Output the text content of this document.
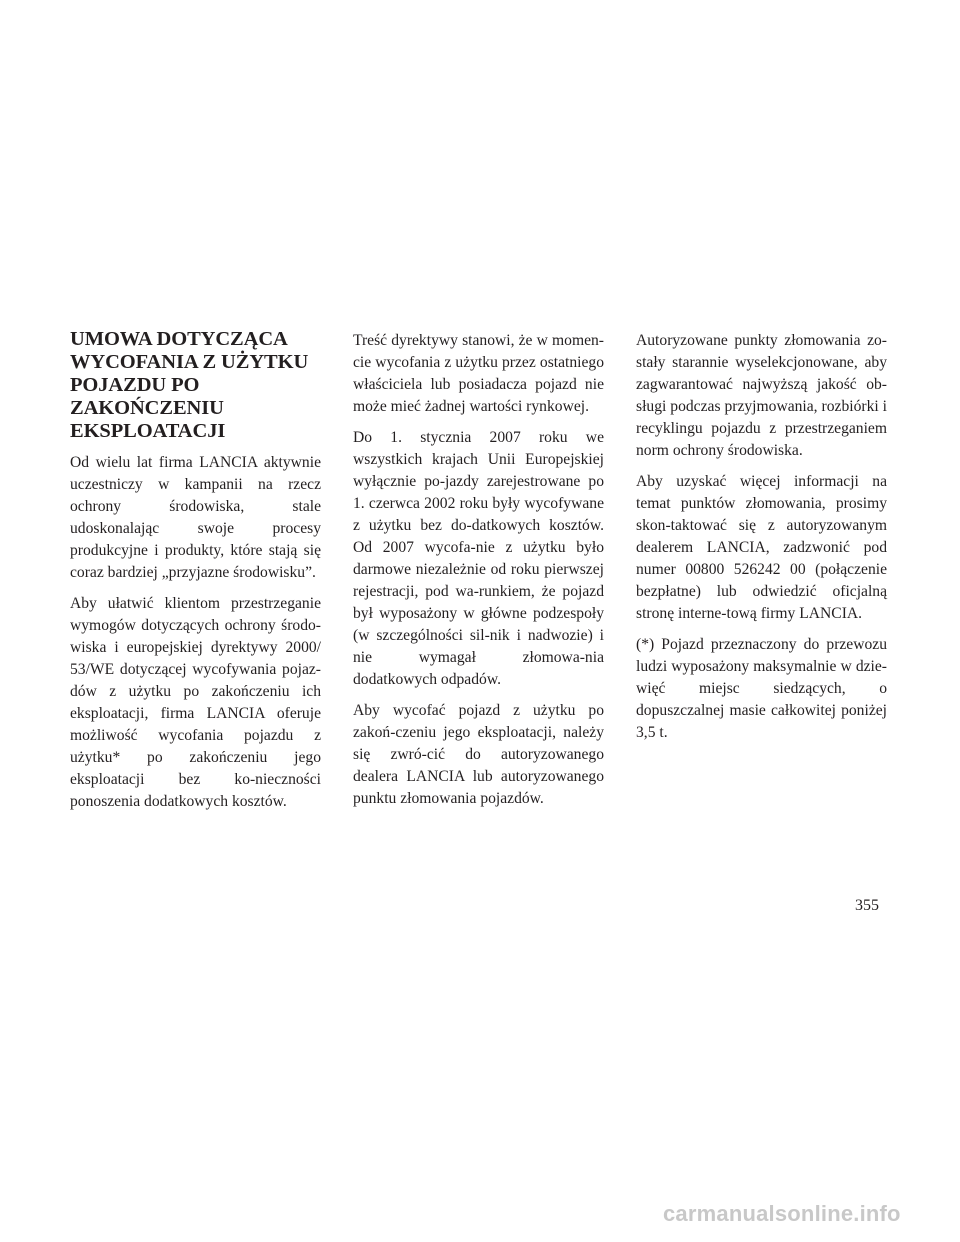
UMOWA DOTYCZĄCA WYCOFANIA Z UŻYTKU POJAZDU PO ZAKOŃCZENIU EKSPLOATACJI

Od wielu lat firma LANCIA aktywnie uczestniczy w kampanii na rzecz ochrony środowiska, stale udoskonalając swoje procesy produkcyjne i produkty, które stają się coraz bardziej „przyjazne środowisku”.

Aby ułatwić klientom przestrzeganie wymogów dotyczących ochrony środo-wiska i europejskiej dyrektywy 2000/ 53/WE dotyczącej wycofywania pojaz-dów z użytku po zakończeniu ich eksploatacji, firma LANCIA oferuje możliwość wycofania pojazdu z użytku* po zakończeniu jego eksploatacji bez ko-nieczności ponoszenia dodatkowych kosztów.

Treść dyrektywy stanowi, że w momen-cie wycofania z użytku przez ostatniego właściciela lub posiadacza pojazd nie może mieć żadnej wartości rynkowej.

Do 1. stycznia 2007 roku we wszystkich krajach Unii Europejskiej wyłącznie po-jazdy zarejestrowane po 1. czerwca 2002 roku były wycofywane z użytku bez do-datkowych kosztów. Od 2007 wycofa-nie z użytku było darmowe niezależnie od roku pierwszej rejestracji, pod wa-runkiem, że pojazd był wyposażony w główne podzespoły (w szczególności sil-nik i nadwozie) i nie wymagał złomowa-nia dodatkowych odpadów.

Aby wycofać pojazd z użytku po zakoń-czeniu jego eksploatacji, należy się zwró-cić do autoryzowanego dealera LANCIA lub autoryzowanego punktu złomowania pojazdów.

Autoryzowane punkty złomowania zo-stały starannie wyselekcjonowane, aby zagwarantować najwyższą jakość ob-sługi podczas przyjmowania, rozbiórki i recyklingu pojazdu z przestrzeganiem norm ochrony środowiska.

Aby uzyskać więcej informacji na temat punktów złomowania, prosimy skon-taktować się z autoryzowanym dealerem LANCIA, zadzwonić pod numer 00800 526242 00 (połączenie bezpłatne) lub odwiedzić oficjalną stronę interne-tową firmy LANCIA.

(*) Pojazd przeznaczony do przewozu ludzi wyposażony maksymalnie w dzie-więć miejsc siedzących, o dopuszczalnej masie całkowitej poniżej 3,5 t.

355
carmanualsonline.info
